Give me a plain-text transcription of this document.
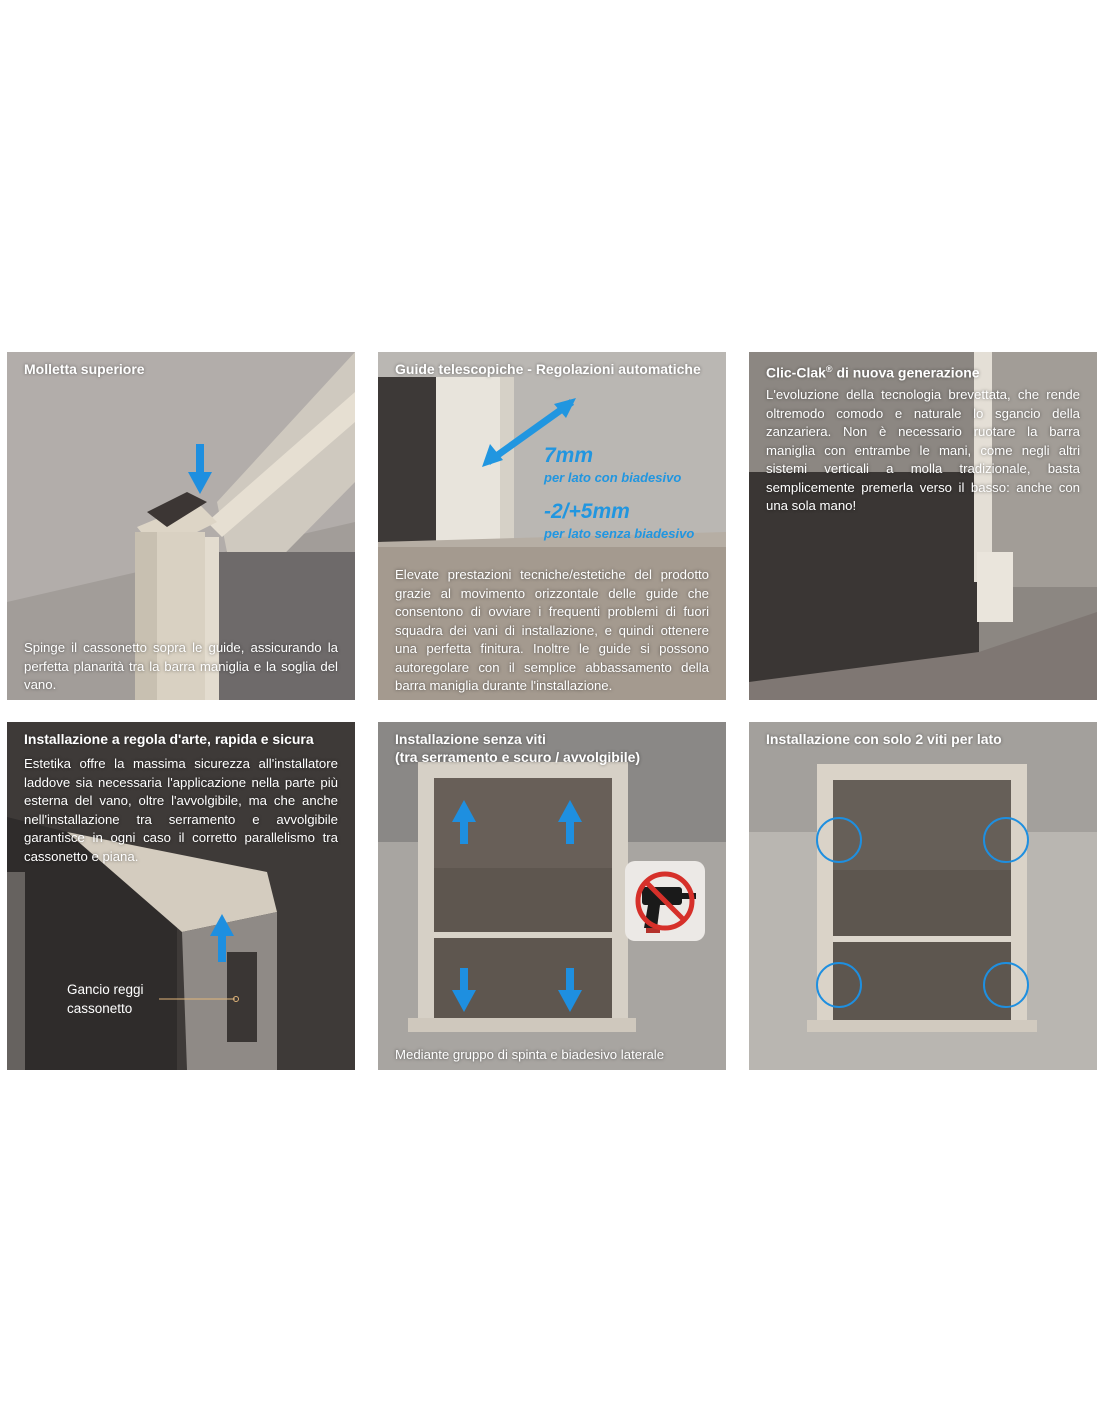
Molletta superiore
Spinge il cassonetto sopra le guide, assicurando la perfetta planarità tra la barra maniglia e la soglia del vano.
Guide telescopiche - Regolazioni automatiche
7mm
per lato con biadesivo
-2/+5mm
per lato senza biadesivo
Elevate prestazioni tecniche/estetiche del prodotto grazie al movimento orizzontale delle guide che consentono di ovviare i frequenti problemi di fuori squadra dei vani di installazione, e quindi ottenere una perfetta finitura. Inoltre le guide si possono autoregolare con il semplice abbassamento della barra maniglia durante l'installazione.
Clic-Clak® di nuova generazione
L'evoluzione della tecnologia brevettata, che rende oltremodo comodo e naturale lo sgancio della zanzariera. Non è necessario ruotare la barra maniglia con entrambe le mani, come negli altri sistemi verticali a molla tradizionale, basta semplicemente premerla verso il basso: anche con una sola mano!
Installazione a regola d'arte, rapida e sicura
Estetika offre la massima sicurezza all'installatore laddove sia necessaria l'applicazione nella parte più esterna del vano, oltre l'avvolgibile, ma che anche nell'installazione tra serramento e avvolgibile garantisce in ogni caso il corretto parallelismo tra cassonetto e piana.
Gancio reggi
cassonetto
Installazione senza viti
(tra serramento e scuro / avvolgibile)
Mediante gruppo di spinta e biadesivo laterale
Installazione con solo 2 viti per lato
